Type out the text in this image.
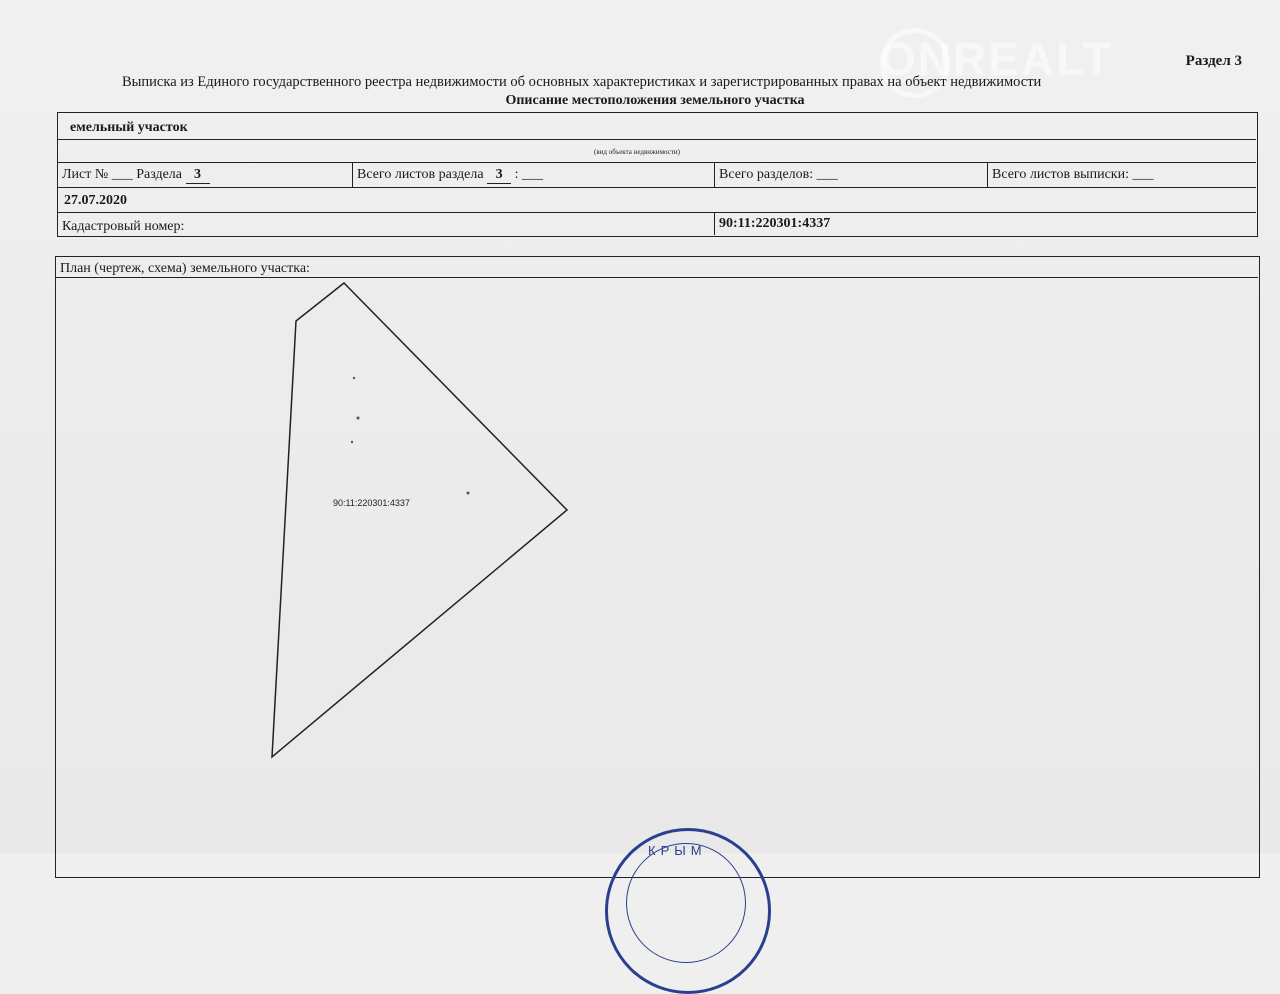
ONREALT	Раздел 3
Выписка из Единого государственного реестра недвижимости об основных характеристиках и зарегистрированных правах на объект недвижимости
Описание местоположения земельного участка
емельный участок
(вид объекта недвижимости)
Лист № ___ Раздела 3	Всего листов раздела 3 : ___	Всего разделов: ___	Всего листов выписки: ___
27.07.2020
Кадастровый номер:	90:11:220301:4337
План (чертеж, схема) земельного участка:
90:11:220301:4337
КРЫМ
